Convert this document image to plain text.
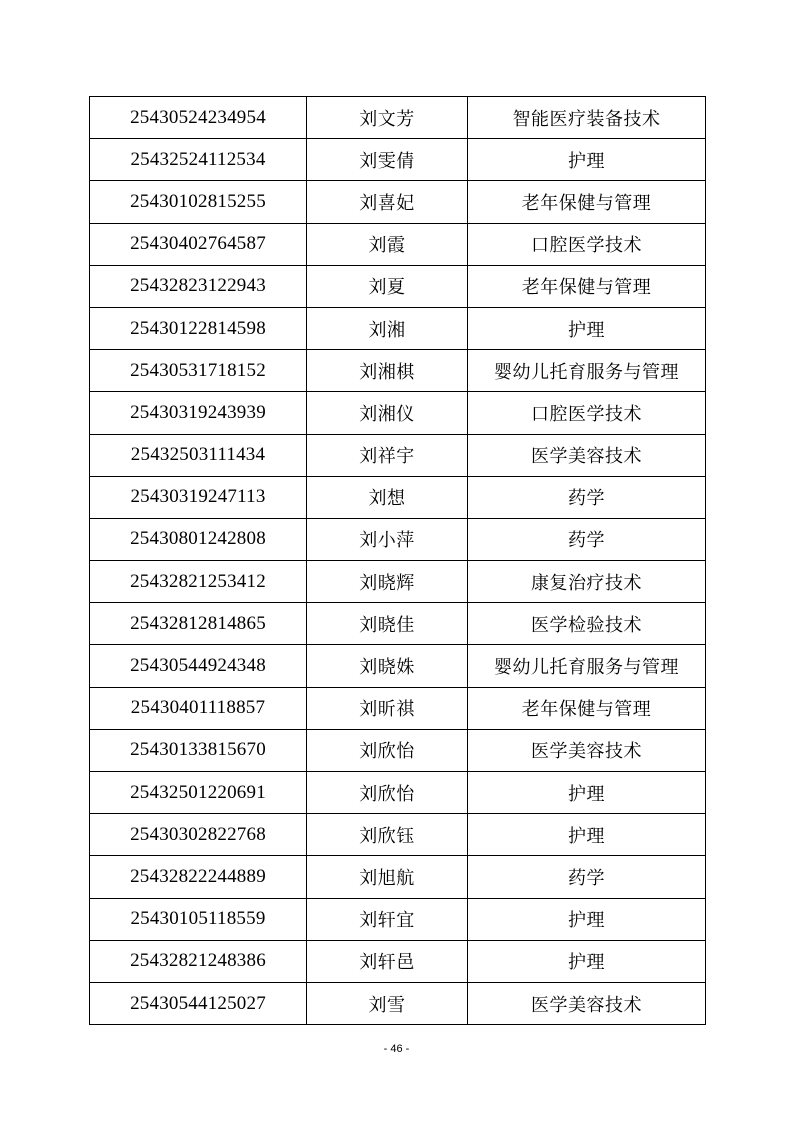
25430524234954	刘文芳	智能医疗装备技术
25432524112534	刘雯倩	护理
25430102815255	刘喜妃	老年保健与管理
25430402764587	刘霞	口腔医学技术
25432823122943	刘夏	老年保健与管理
25430122814598	刘湘	护理
25430531718152	刘湘棋	婴幼儿托育服务与管理
25430319243939	刘湘仪	口腔医学技术
25432503111434	刘祥宇	医学美容技术
25430319247113	刘想	药学
25430801242808	刘小萍	药学
25432821253412	刘晓辉	康复治疗技术
25432812814865	刘晓佳	医学检验技术
25430544924348	刘晓姝	婴幼儿托育服务与管理
25430401118857	刘昕祺	老年保健与管理
25430133815670	刘欣怡	医学美容技术
25432501220691	刘欣怡	护理
25430302822768	刘欣钰	护理
25432822244889	刘旭航	药学
25430105118559	刘轩宜	护理
25432821248386	刘轩邑	护理
25430544125027	刘雪	医学美容技术
- 46 -
